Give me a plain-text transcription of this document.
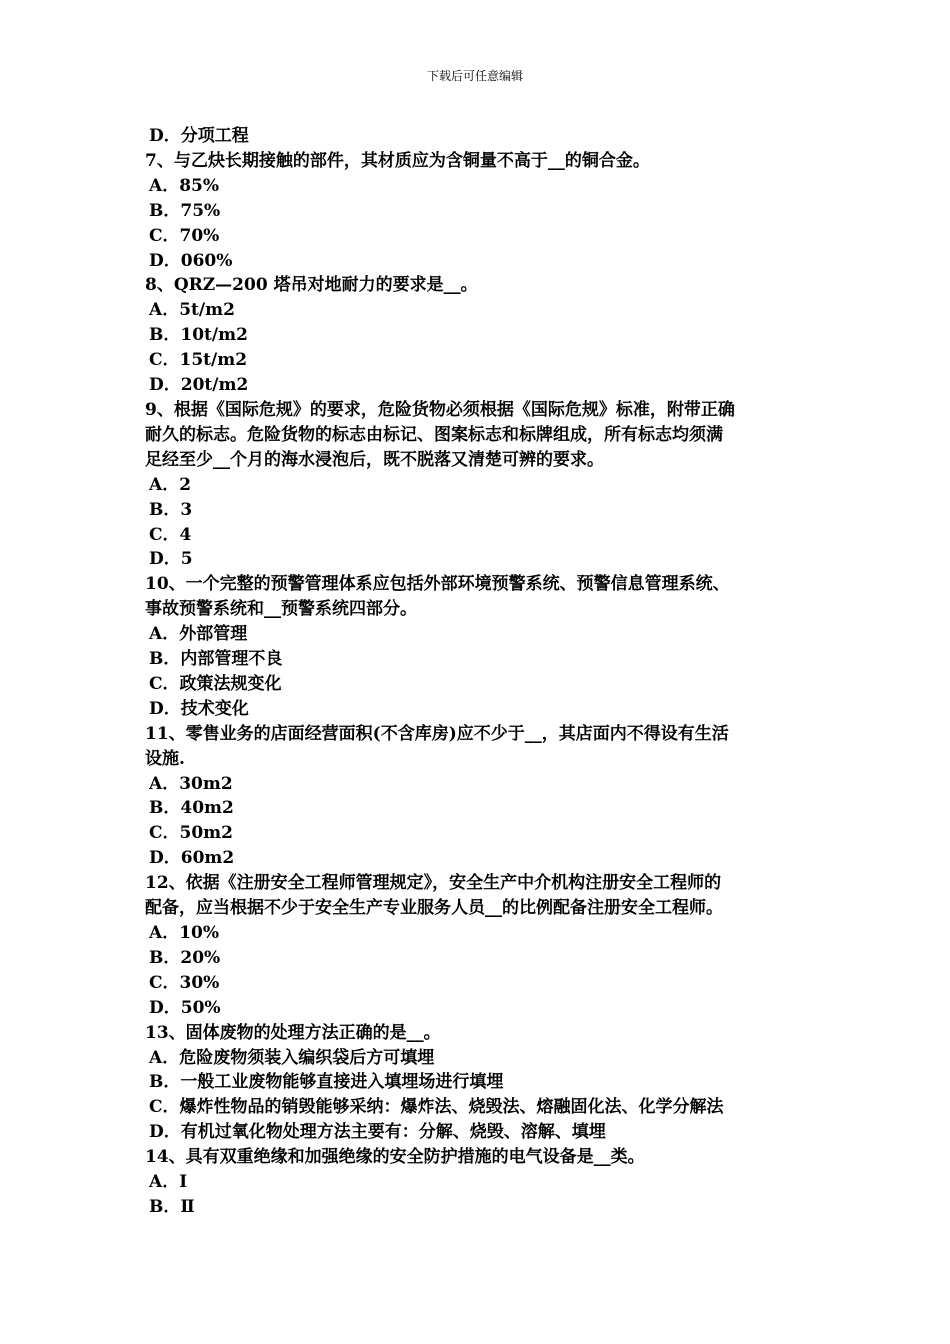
下载后可任意编辑

D．分项工程

7、与乙炔长期接触的部件，其材质应为含铜量不高于__的铜合金。

A．85%

B．75%

C．70%

D．060%

8、QRZ—200 塔吊对地耐力的要求是__。

A．5t/m2

B．10t/m2

C．15t/m2

D．20t/m2

9、根据《国际危规》的要求，危险货物必须根据《国际危规》标准，附带正确

耐久的标志。危险货物的标志由标记、图案标志和标牌组成，所有标志均须满

足经至少__个月的海水浸泡后，既不脱落又清楚可辨的要求。

A．2

B．3

C．4

D．5

10、一个完整的预警管理体系应包括外部环境预警系统、预警信息管理系统、

事故预警系统和__预警系统四部分。

A．外部管理

B．内部管理不良

C．政策法规变化

D．技术变化

11、零售业务的店面经营面积(不含库房)应不少于__，其店面内不得设有生活

设施.

A．30m2

B．40m2

C．50m2

D．60m2

12、依据《注册安全工程师管理规定》，安全生产中介机构注册安全工程师的

配备，应当根据不少于安全生产专业服务人员__的比例配备注册安全工程师。

A．10%

B．20%

C．30%

D．50%

13、固体废物的处理方法正确的是__。

A．危险废物须装入编织袋后方可填埋

B．一般工业废物能够直接进入填埋场进行填埋

C．爆炸性物品的销毁能够采纳：爆炸法、烧毁法、熔融固化法、化学分解法

D．有机过氧化物处理方法主要有：分解、烧毁、溶解、填埋

14、具有双重绝缘和加强绝缘的安全防护措施的电气设备是__类。

A．Ⅰ

B．Ⅱ
